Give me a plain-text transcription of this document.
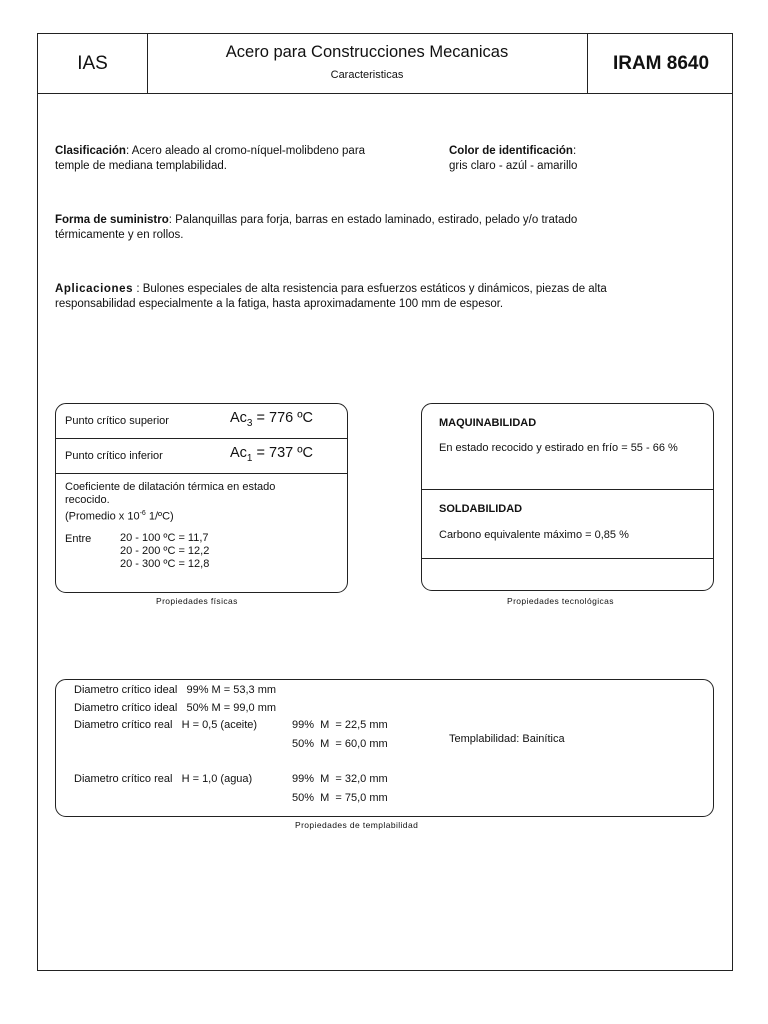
IAS
Acero para Construcciones Mecanicas
Caracteristicas
IRAM 8640
Clasificación: Acero aleado al cromo-níquel-molibdeno para
temple de mediana templabilidad.
Color de identificación:
gris claro - azúl - amarillo
Forma de suministro: Palanquillas para forja, barras en estado laminado, estirado, pelado y/o tratado
térmicamente y en rollos.
Aplicaciones : Bulones especiales de alta resistencia para esfuerzos estáticos y dinámicos, piezas de alta
responsabilidad especialmente a la fatiga, hasta aproximadamente 100 mm de espesor.
Punto crítico superior	$Ac_3 = 776$ ºC
Punto crítico inferior	$Ac_1 = 737$ ºC
Coeficiente de dilatación térmica en estado
recocido.
(Promedio x $10^{-6}$ 1/ºC)
Entre	20 - 100 ºC = 11,7
20 - 200 ºC = 12,2
20 - 300 ºC = 12,8
Propiedades físicas
MAQUINABILIDAD
En estado recocido y estirado en frío = 55 - 66 %
SOLDABILIDAD
Carbono equivalente máximo = 0,85 %
Propiedades tecnológicas
Diametro crítico ideal   99% M = 53,3 mm
Diametro crítico ideal   50% M = 99,0 mm
Diametro crítico real   H = 0,5 (aceite)	99%  M  = 22,5 mm
50%  M  = 60,0 mm	Templabilidad: Bainítica
Diametro crítico real   H = 1,0 (agua)	99%  M  = 32,0 mm
50%  M  = 75,0 mm
Propiedades de templabilidad
